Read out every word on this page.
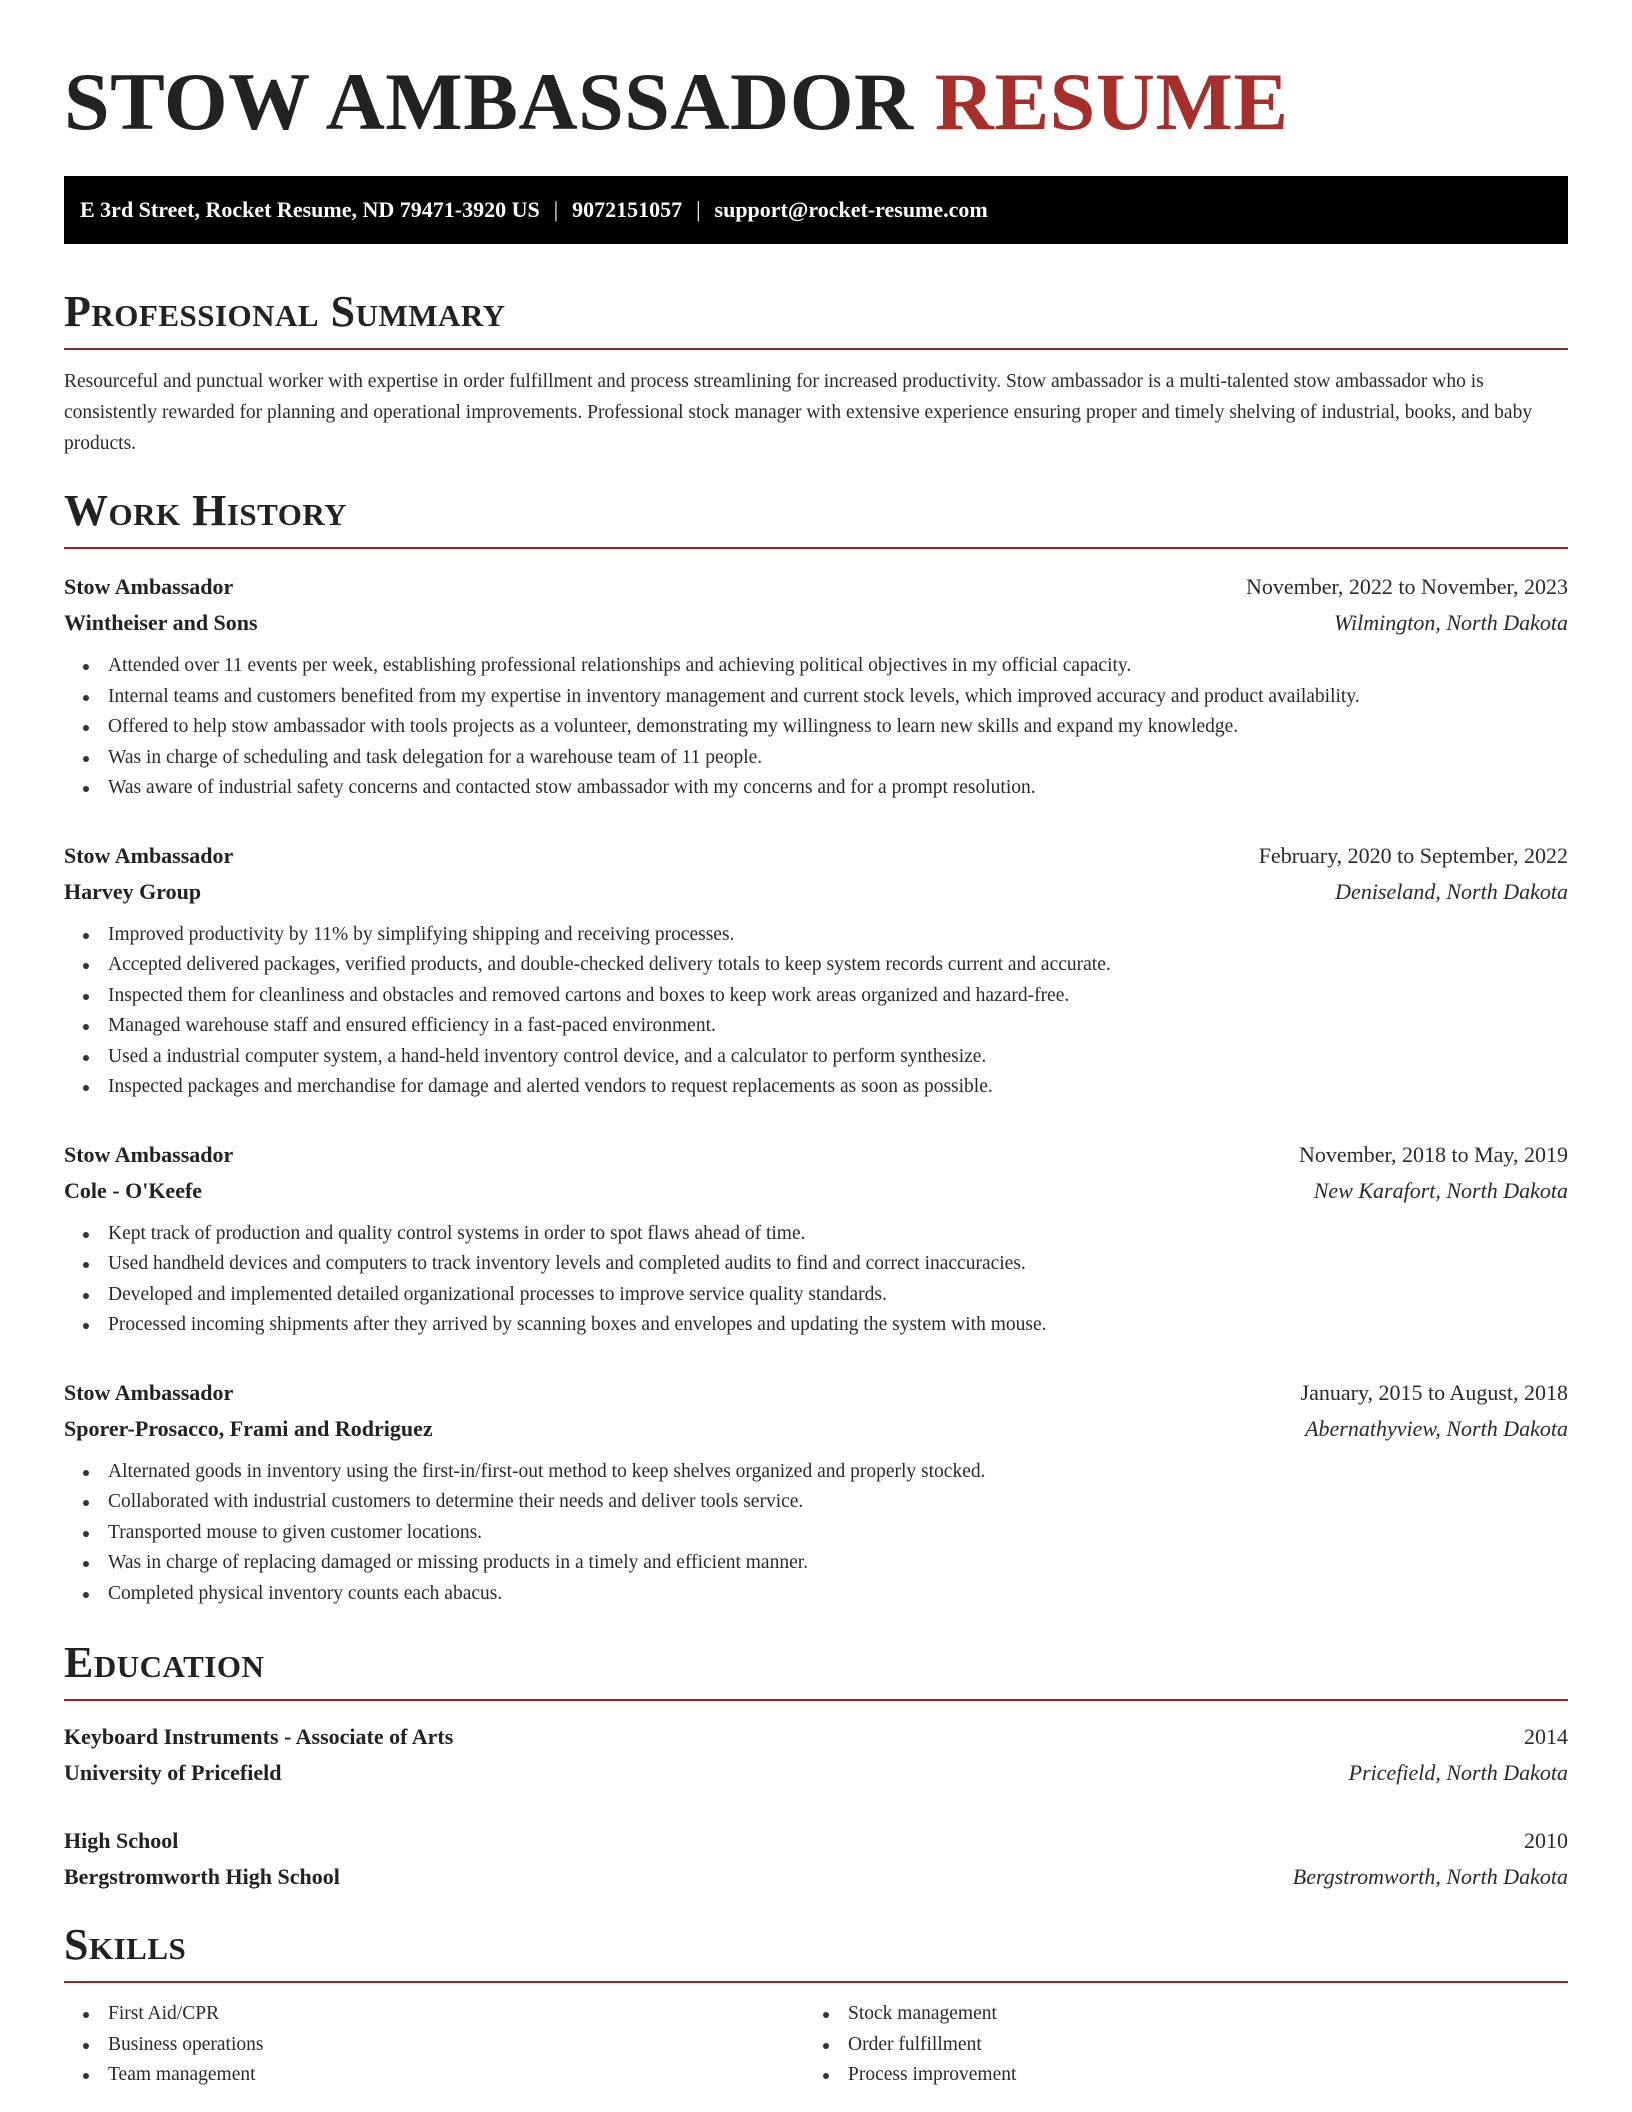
STOW AMBASSADOR RESUME
E 3rd Street, Rocket Resume, ND 79471-3920 US | 9072151057 | support@rocket-resume.com
Professional Summary

Resourceful and punctual worker with expertise in order fulfillment and process streamlining for increased productivity. Stow ambassador is a multi-talented stow ambassador who is consistently rewarded for planning and operational improvements. Professional stock manager with extensive experience ensuring proper and timely shelving of industrial, books, and baby products.

Work History
Stow Ambassador	November, 2022 to November, 2023
Wintheiser and Sons	Wilmington, North Dakota
Attended over 11 events per week, establishing professional relationships and achieving political objectives in my official capacity.
Internal teams and customers benefited from my expertise in inventory management and current stock levels, which improved accuracy and product availability.
Offered to help stow ambassador with tools projects as a volunteer, demonstrating my willingness to learn new skills and expand my knowledge.
Was in charge of scheduling and task delegation for a warehouse team of 11 people.
Was aware of industrial safety concerns and contacted stow ambassador with my concerns and for a prompt resolution.
Stow Ambassador	February, 2020 to September, 2022
Harvey Group	Deniseland, North Dakota
Improved productivity by 11% by simplifying shipping and receiving processes.
Accepted delivered packages, verified products, and double-checked delivery totals to keep system records current and accurate.
Inspected them for cleanliness and obstacles and removed cartons and boxes to keep work areas organized and hazard-free.
Managed warehouse staff and ensured efficiency in a fast-paced environment.
Used a industrial computer system, a hand-held inventory control device, and a calculator to perform synthesize.
Inspected packages and merchandise for damage and alerted vendors to request replacements as soon as possible.
Stow Ambassador	November, 2018 to May, 2019
Cole - O'Keefe	New Karafort, North Dakota
Kept track of production and quality control systems in order to spot flaws ahead of time.
Used handheld devices and computers to track inventory levels and completed audits to find and correct inaccuracies.
Developed and implemented detailed organizational processes to improve service quality standards.
Processed incoming shipments after they arrived by scanning boxes and envelopes and updating the system with mouse.
Stow Ambassador	January, 2015 to August, 2018
Sporer-Prosacco, Frami and Rodriguez	Abernathyview, North Dakota
Alternated goods in inventory using the first-in/first-out method to keep shelves organized and properly stocked.
Collaborated with industrial customers to determine their needs and deliver tools service.
Transported mouse to given customer locations.
Was in charge of replacing damaged or missing products in a timely and efficient manner.
Completed physical inventory counts each abacus.
Education
Keyboard Instruments - Associate of Arts	2014
University of Pricefield	Pricefield, North Dakota
High School	2010
Bergstromworth High School	Bergstromworth, North Dakota
Skills
First Aid/CPR
Business operations
Team management
Stock management
Order fulfillment
Process improvement
